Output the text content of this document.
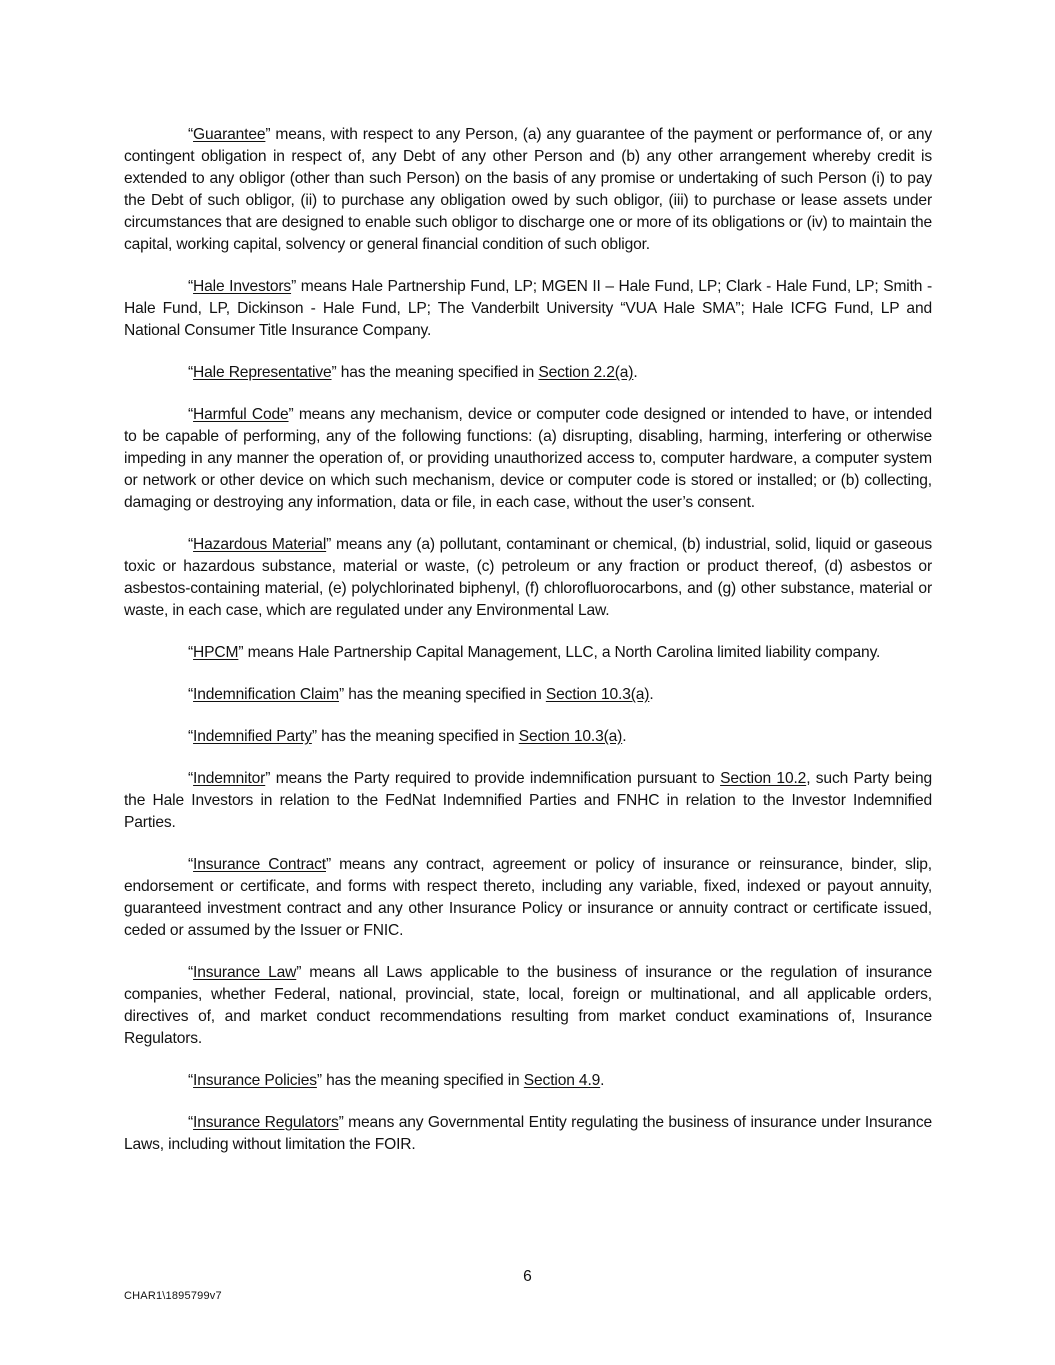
“Guarantee” means, with respect to any Person, (a) any guarantee of the payment or performance of, or any contingent obligation in respect of, any Debt of any other Person and (b) any other arrangement whereby credit is extended to any obligor (other than such Person) on the basis of any promise or undertaking of such Person (i) to pay the Debt of such obligor, (ii) to purchase any obligation owed by such obligor, (iii) to purchase or lease assets under circumstances that are designed to enable such obligor to discharge one or more of its obligations or (iv) to maintain the capital, working capital, solvency or general financial condition of such obligor.

“Hale Investors” means Hale Partnership Fund, LP; MGEN II – Hale Fund, LP; Clark - Hale Fund, LP; Smith - Hale Fund, LP, Dickinson - Hale Fund, LP; The Vanderbilt University “VUA Hale SMA”; Hale ICFG Fund, LP and National Consumer Title Insurance Company.

“Hale Representative” has the meaning specified in Section 2.2(a).

“Harmful Code” means any mechanism, device or computer code designed or intended to have, or intended to be capable of performing, any of the following functions: (a) disrupting, disabling, harming, interfering or otherwise impeding in any manner the operation of, or providing unauthorized access to, computer hardware, a computer system or network or other device on which such mechanism, device or computer code is stored or installed; or (b) collecting, damaging or destroying any information, data or file, in each case, without the user’s consent.

“Hazardous Material” means any (a) pollutant, contaminant or chemical, (b) industrial, solid, liquid or gaseous toxic or hazardous substance, material or waste, (c) petroleum or any fraction or product thereof, (d) asbestos or asbestos-containing material, (e) polychlorinated biphenyl, (f) chlorofluorocarbons, and (g) other substance, material or waste, in each case, which are regulated under any Environmental Law.

“HPCM” means Hale Partnership Capital Management, LLC, a North Carolina limited liability company.

“Indemnification Claim” has the meaning specified in Section 10.3(a).

“Indemnified Party” has the meaning specified in Section 10.3(a).

“Indemnitor” means the Party required to provide indemnification pursuant to Section 10.2, such Party being the Hale Investors in relation to the FedNat Indemnified Parties and FNHC in relation to the Investor Indemnified Parties.

“Insurance Contract” means any contract, agreement or policy of insurance or reinsurance, binder, slip, endorsement or certificate, and forms with respect thereto, including any variable, fixed, indexed or payout annuity, guaranteed investment contract and any other Insurance Policy or insurance or annuity contract or certificate issued, ceded or assumed by the Issuer or FNIC.

“Insurance Law” means all Laws applicable to the business of insurance or the regulation of insurance companies, whether Federal, national, provincial, state, local, foreign or multinational, and all applicable orders, directives of, and market conduct recommendations resulting from market conduct examinations of, Insurance Regulators.

“Insurance Policies” has the meaning specified in Section 4.9.

“Insurance Regulators” means any Governmental Entity regulating the business of insurance under Insurance Laws, including without limitation the FOIR.

6
CHAR1\1895799v7
